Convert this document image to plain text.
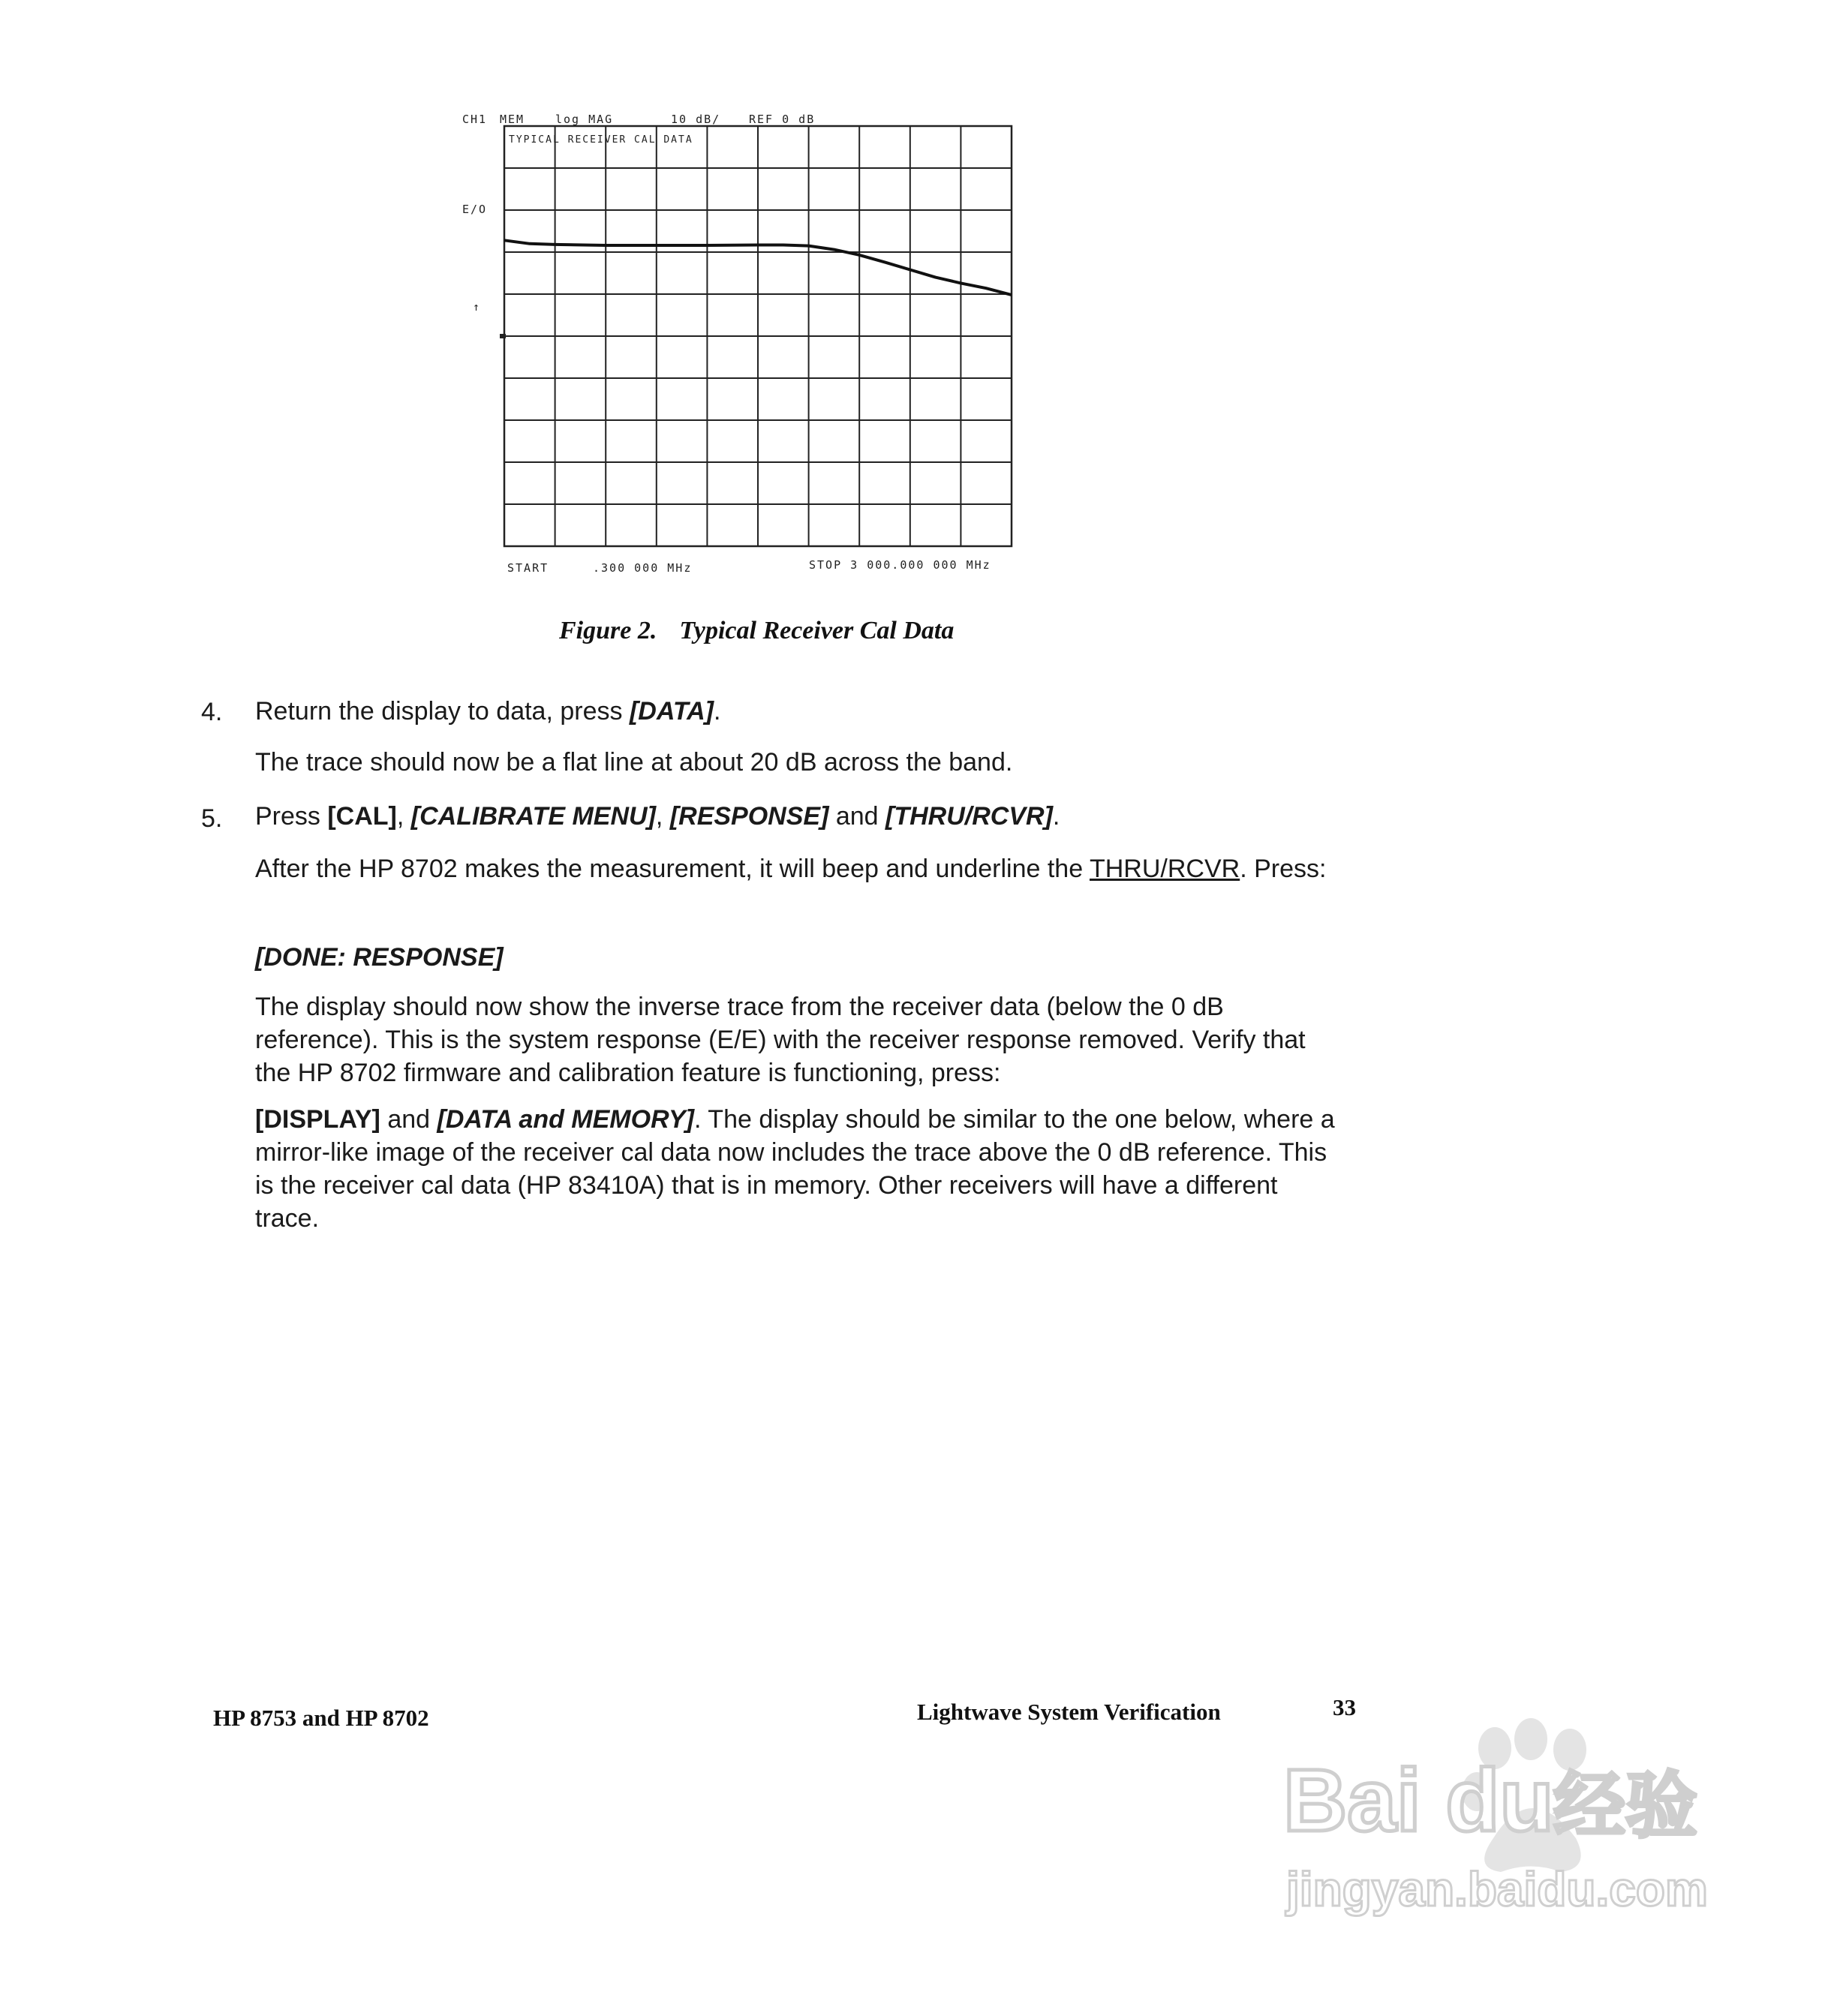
CH1 MEM	log MAG	10 dB/	REF 0 dB
E/O
↑
TYPICAL RECEIVER CAL DATA
START	.300 000 MHz	STOP 3 000.000 000 MHz
Figure 2. Typical Receiver Cal Data
4. Return the display to data, press [DATA].
The trace should now be a flat line at about 20 dB across the band.
5. Press [CAL], [CALIBRATE MENU], [RESPONSE] and [THRU/RCVR].
After the HP 8702 makes the measurement, it will beep and underline the THRU/RCVR. Press:
[DONE: RESPONSE]
The display should now show the inverse trace from the receiver data (below the 0 dB reference). This is the system response (E/E) with the receiver response removed. Verify that the HP 8702 firmware and calibration feature is functioning, press:
[DISPLAY] and [DATA and MEMORY]. The display should be similar to the one below, where a mirror-like image of the receiver cal data now includes the trace above the 0 dB reference. This is the receiver cal data (HP 83410A) that is in memory. Other receivers will have a different trace.
HP 8753 and HP 8702	Lightwave System Verification	33
Bai du 经验
jingyan.baidu.com
